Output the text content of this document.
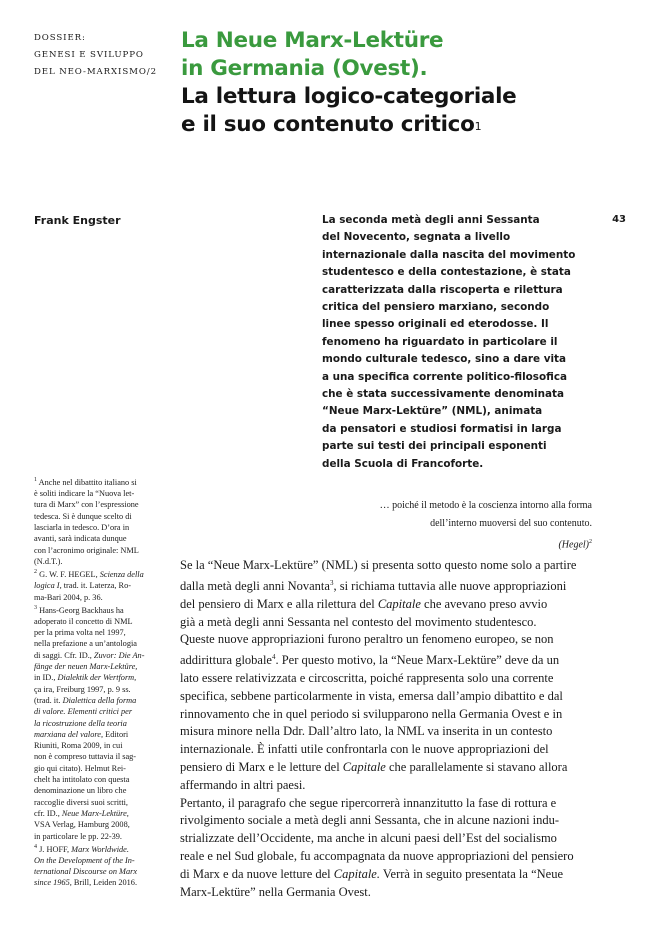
DOSSIER:
GENESI E SVILUPPO
DEL NEO-MARXISMO/2
La Neue Marx-Lektüre
in Germania (Ovest).
La lettura logico-categoriale
e il suo contenuto critico$^1$
Frank Engster	43
La seconda metà degli anni Sessanta
del Novecento, segnata a livello
internazionale dalla nascita del movimento
studentesco e della contestazione, è stata
caratterizzata dalla riscoperta e rilettura
critica del pensiero marxiano, secondo
linee spesso originali ed eterodosse. Il
fenomeno ha riguardato in particolare il
mondo culturale tedesco, sino a dare vita
a una specifica corrente politico-filosofica
che è stata successivamente denominata
“Neue Marx-Lektüre” (NML), animata
da pensatori e studiosi formatisi in larga
parte sui testi dei principali esponenti
della Scuola di Francoforte.
$^1$ Anche nel dibattito italiano si
è soliti indicare la “Nuova let-
tura di Marx” con l’espressione
tedesca. Si è dunque scelto di
lasciarla in tedesco. D’ora in
avanti, sarà indicata dunque
con l’acronimo originale: NML
(N.d.T.).
$^2$ G. W. F. HEGEL, Scienza della
logica I, trad. it. Laterza, Ro-
ma-Bari 2004, p. 36.
$^3$ Hans-Georg Backhaus ha
adoperato il concetto di NML
per la prima volta nel 1997,
nella prefazione a un’antologia
di saggi. Cfr. ID., Zuvor: Die An-
fänge der neuen Marx-Lektüre,
in ID., Dialektik der Wertform,
ça ira, Freiburg 1997, p. 9 ss.
(trad. it. Dialettica della forma
di valore. Elementi critici per
la ricostruzione della teoria
marxiana del valore, Editori
Riuniti, Roma 2009, in cui
non è compreso tuttavia il sag-
gio qui citato). Helmut Rei-
chelt ha intitolato con questa
denominazione un libro che
raccoglie diversi suoi scritti,
cfr. ID., Neue Marx-Lektüre,
VSA Verlag, Hamburg 2008,
in particolare le pp. 22-39.
$^4$ J. HOFF, Marx Worldwide.
On the Development of the In-
ternational Discourse on Marx
since 1965, Brill, Leiden 2016.
… poiché il metodo è la coscienza intorno alla forma
dell’interno muoversi del suo contenuto.
(Hegel)$^2$
Se la “Neue Marx-Lektüre” (NML) si presenta sotto questo nome solo a partire
dalla metà degli anni Novanta$^3$, si richiama tuttavia alle nuove appropriazioni
del pensiero di Marx e alla rilettura del Capitale che avevano preso avvio
già a metà degli anni Sessanta nel contesto del movimento studentesco.
Queste nuove appropriazioni furono peraltro un fenomeno europeo, se non
addirittura globale$^4$. Per questo motivo, la “Neue Marx-Lektüre” deve da un
lato essere relativizzata e circoscritta, poiché rappresenta solo una corrente
specifica, sebbene particolarmente in vista, emersa dall’ampio dibattito e dal
rinnovamento che in quel periodo si svilupparono nella Germania Ovest e in
misura minore nella Ddr. Dall’altro lato, la NML va inserita in un contesto
internazionale. È infatti utile confrontarla con le nuove appropriazioni del
pensiero di Marx e le letture del Capitale che parallelamente si stavano allora
affermando in altri paesi.
Pertanto, il paragrafo che segue ripercorrerà innanzitutto la fase di rottura e
rivolgimento sociale a metà degli anni Sessanta, che in alcune nazioni indu-
strializzate dell’Occidente, ma anche in alcuni paesi dell’Est del socialismo
reale e nel Sud globale, fu accompagnata da nuove appropriazioni del pensiero
di Marx e da nuove letture del Capitale. Verrà in seguito presentata la “Neue
Marx-Lektüre” nella Germania Ovest.
